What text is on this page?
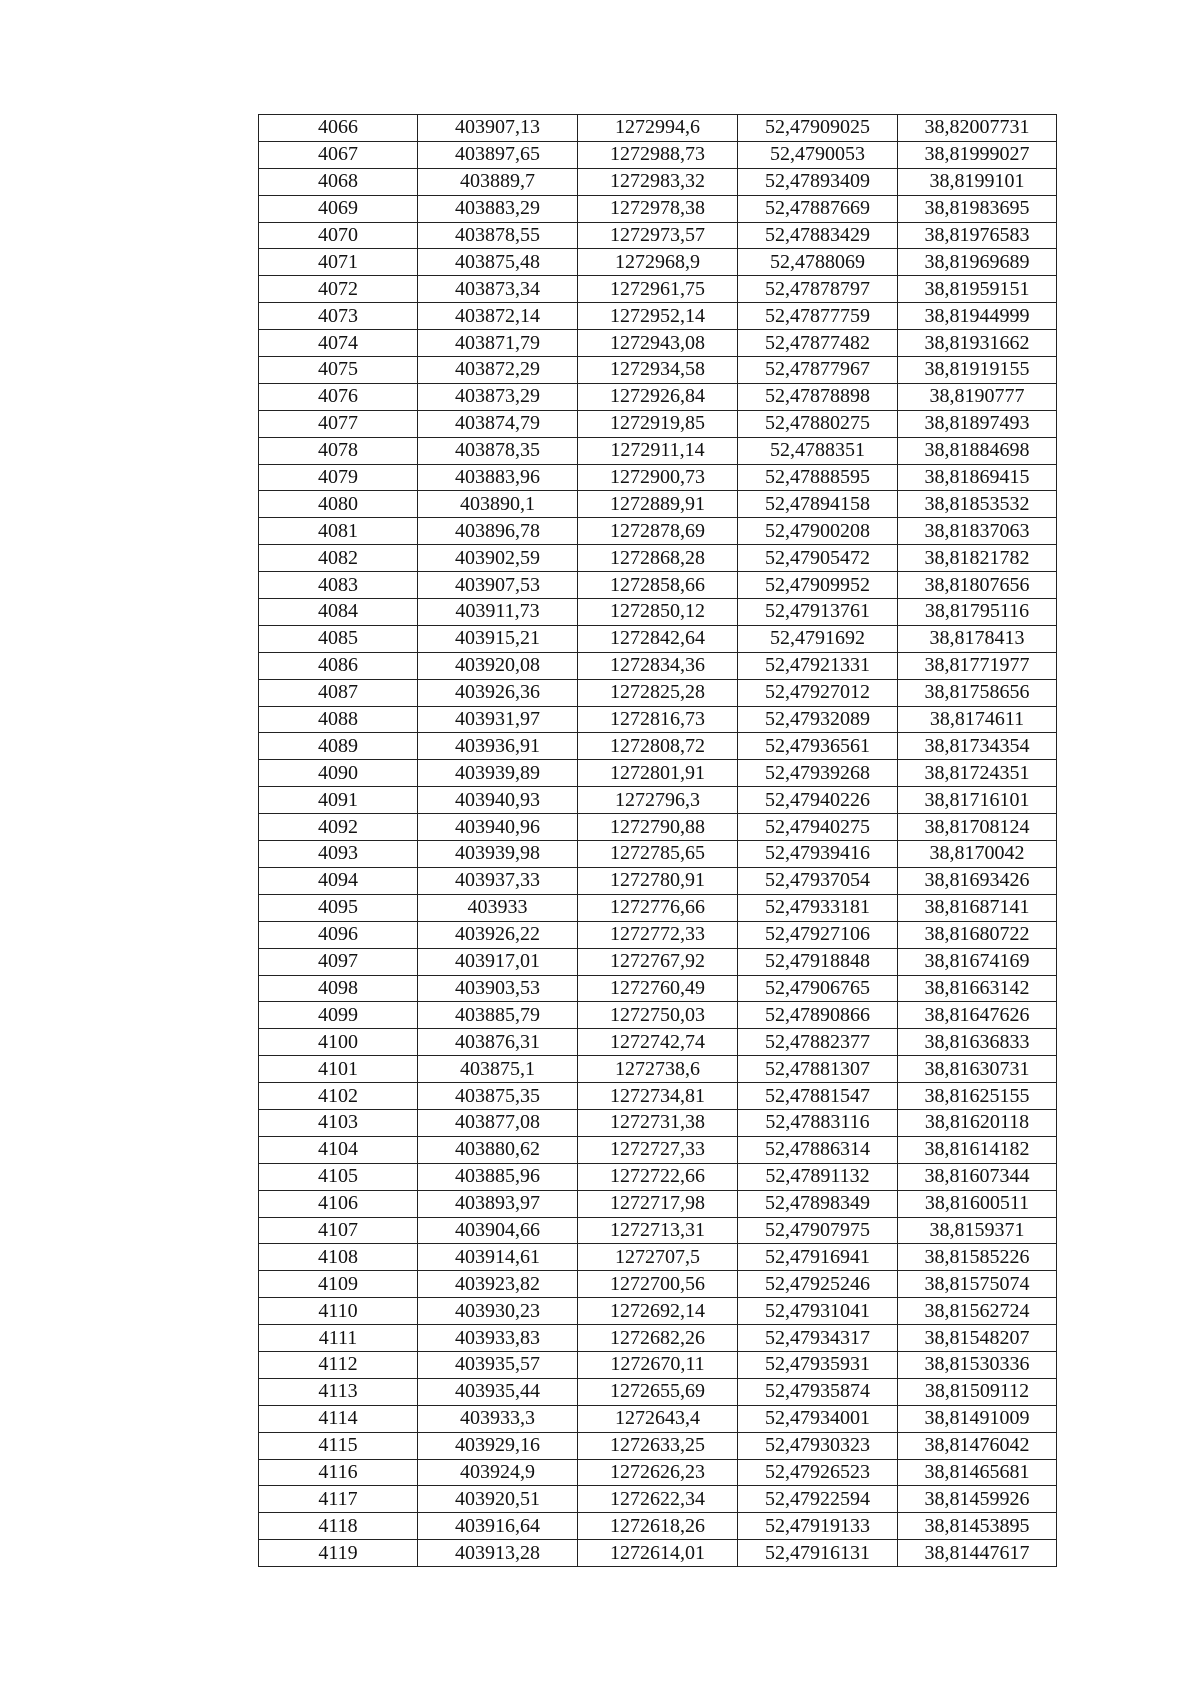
4066	403907,13	1272994,6	52,47909025	38,82007731
4067	403897,65	1272988,73	52,4790053	38,81999027
4068	403889,7	1272983,32	52,47893409	38,8199101
4069	403883,29	1272978,38	52,47887669	38,81983695
4070	403878,55	1272973,57	52,47883429	38,81976583
4071	403875,48	1272968,9	52,4788069	38,81969689
4072	403873,34	1272961,75	52,47878797	38,81959151
4073	403872,14	1272952,14	52,47877759	38,81944999
4074	403871,79	1272943,08	52,47877482	38,81931662
4075	403872,29	1272934,58	52,47877967	38,81919155
4076	403873,29	1272926,84	52,47878898	38,8190777
4077	403874,79	1272919,85	52,47880275	38,81897493
4078	403878,35	1272911,14	52,4788351	38,81884698
4079	403883,96	1272900,73	52,47888595	38,81869415
4080	403890,1	1272889,91	52,47894158	38,81853532
4081	403896,78	1272878,69	52,47900208	38,81837063
4082	403902,59	1272868,28	52,47905472	38,81821782
4083	403907,53	1272858,66	52,47909952	38,81807656
4084	403911,73	1272850,12	52,47913761	38,81795116
4085	403915,21	1272842,64	52,4791692	38,8178413
4086	403920,08	1272834,36	52,47921331	38,81771977
4087	403926,36	1272825,28	52,47927012	38,81758656
4088	403931,97	1272816,73	52,47932089	38,8174611
4089	403936,91	1272808,72	52,47936561	38,81734354
4090	403939,89	1272801,91	52,47939268	38,81724351
4091	403940,93	1272796,3	52,47940226	38,81716101
4092	403940,96	1272790,88	52,47940275	38,81708124
4093	403939,98	1272785,65	52,47939416	38,8170042
4094	403937,33	1272780,91	52,47937054	38,81693426
4095	403933	1272776,66	52,47933181	38,81687141
4096	403926,22	1272772,33	52,47927106	38,81680722
4097	403917,01	1272767,92	52,47918848	38,81674169
4098	403903,53	1272760,49	52,47906765	38,81663142
4099	403885,79	1272750,03	52,47890866	38,81647626
4100	403876,31	1272742,74	52,47882377	38,81636833
4101	403875,1	1272738,6	52,47881307	38,81630731
4102	403875,35	1272734,81	52,47881547	38,81625155
4103	403877,08	1272731,38	52,47883116	38,81620118
4104	403880,62	1272727,33	52,47886314	38,81614182
4105	403885,96	1272722,66	52,47891132	38,81607344
4106	403893,97	1272717,98	52,47898349	38,81600511
4107	403904,66	1272713,31	52,47907975	38,8159371
4108	403914,61	1272707,5	52,47916941	38,81585226
4109	403923,82	1272700,56	52,47925246	38,81575074
4110	403930,23	1272692,14	52,47931041	38,81562724
4111	403933,83	1272682,26	52,47934317	38,81548207
4112	403935,57	1272670,11	52,47935931	38,81530336
4113	403935,44	1272655,69	52,47935874	38,81509112
4114	403933,3	1272643,4	52,47934001	38,81491009
4115	403929,16	1272633,25	52,47930323	38,81476042
4116	403924,9	1272626,23	52,47926523	38,81465681
4117	403920,51	1272622,34	52,47922594	38,81459926
4118	403916,64	1272618,26	52,47919133	38,81453895
4119	403913,28	1272614,01	52,47916131	38,81447617
